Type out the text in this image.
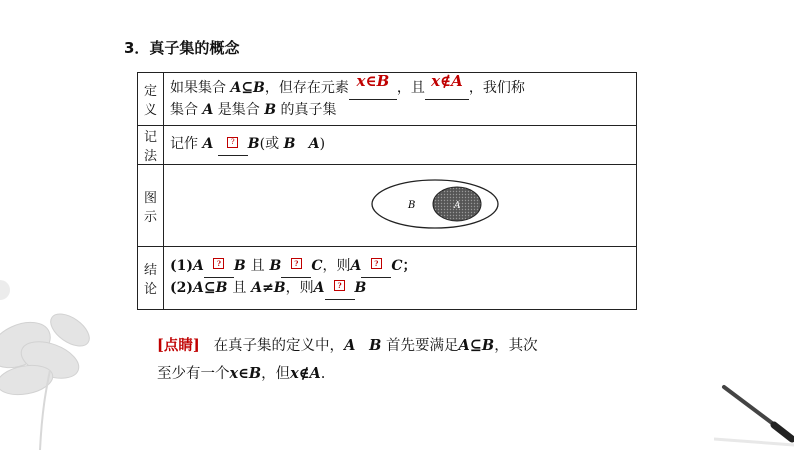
3．真子集的概念
定义	如果集合 A⊆B，但存在元素 x∈B ，且 x∉A ，我们称
集合 A 是集合 B 的真子集

记法	记作 A ? B(或 B A)

图示	B A

结论	(1)A ? B 且 B ? C，则A ? C；
(2)A⊆B 且 A≠B，则A ? B
[点睛] 在真子集的定义中，A B 首先要满足A⊆B，其次
至少有一个x∈B，但x∉A.
